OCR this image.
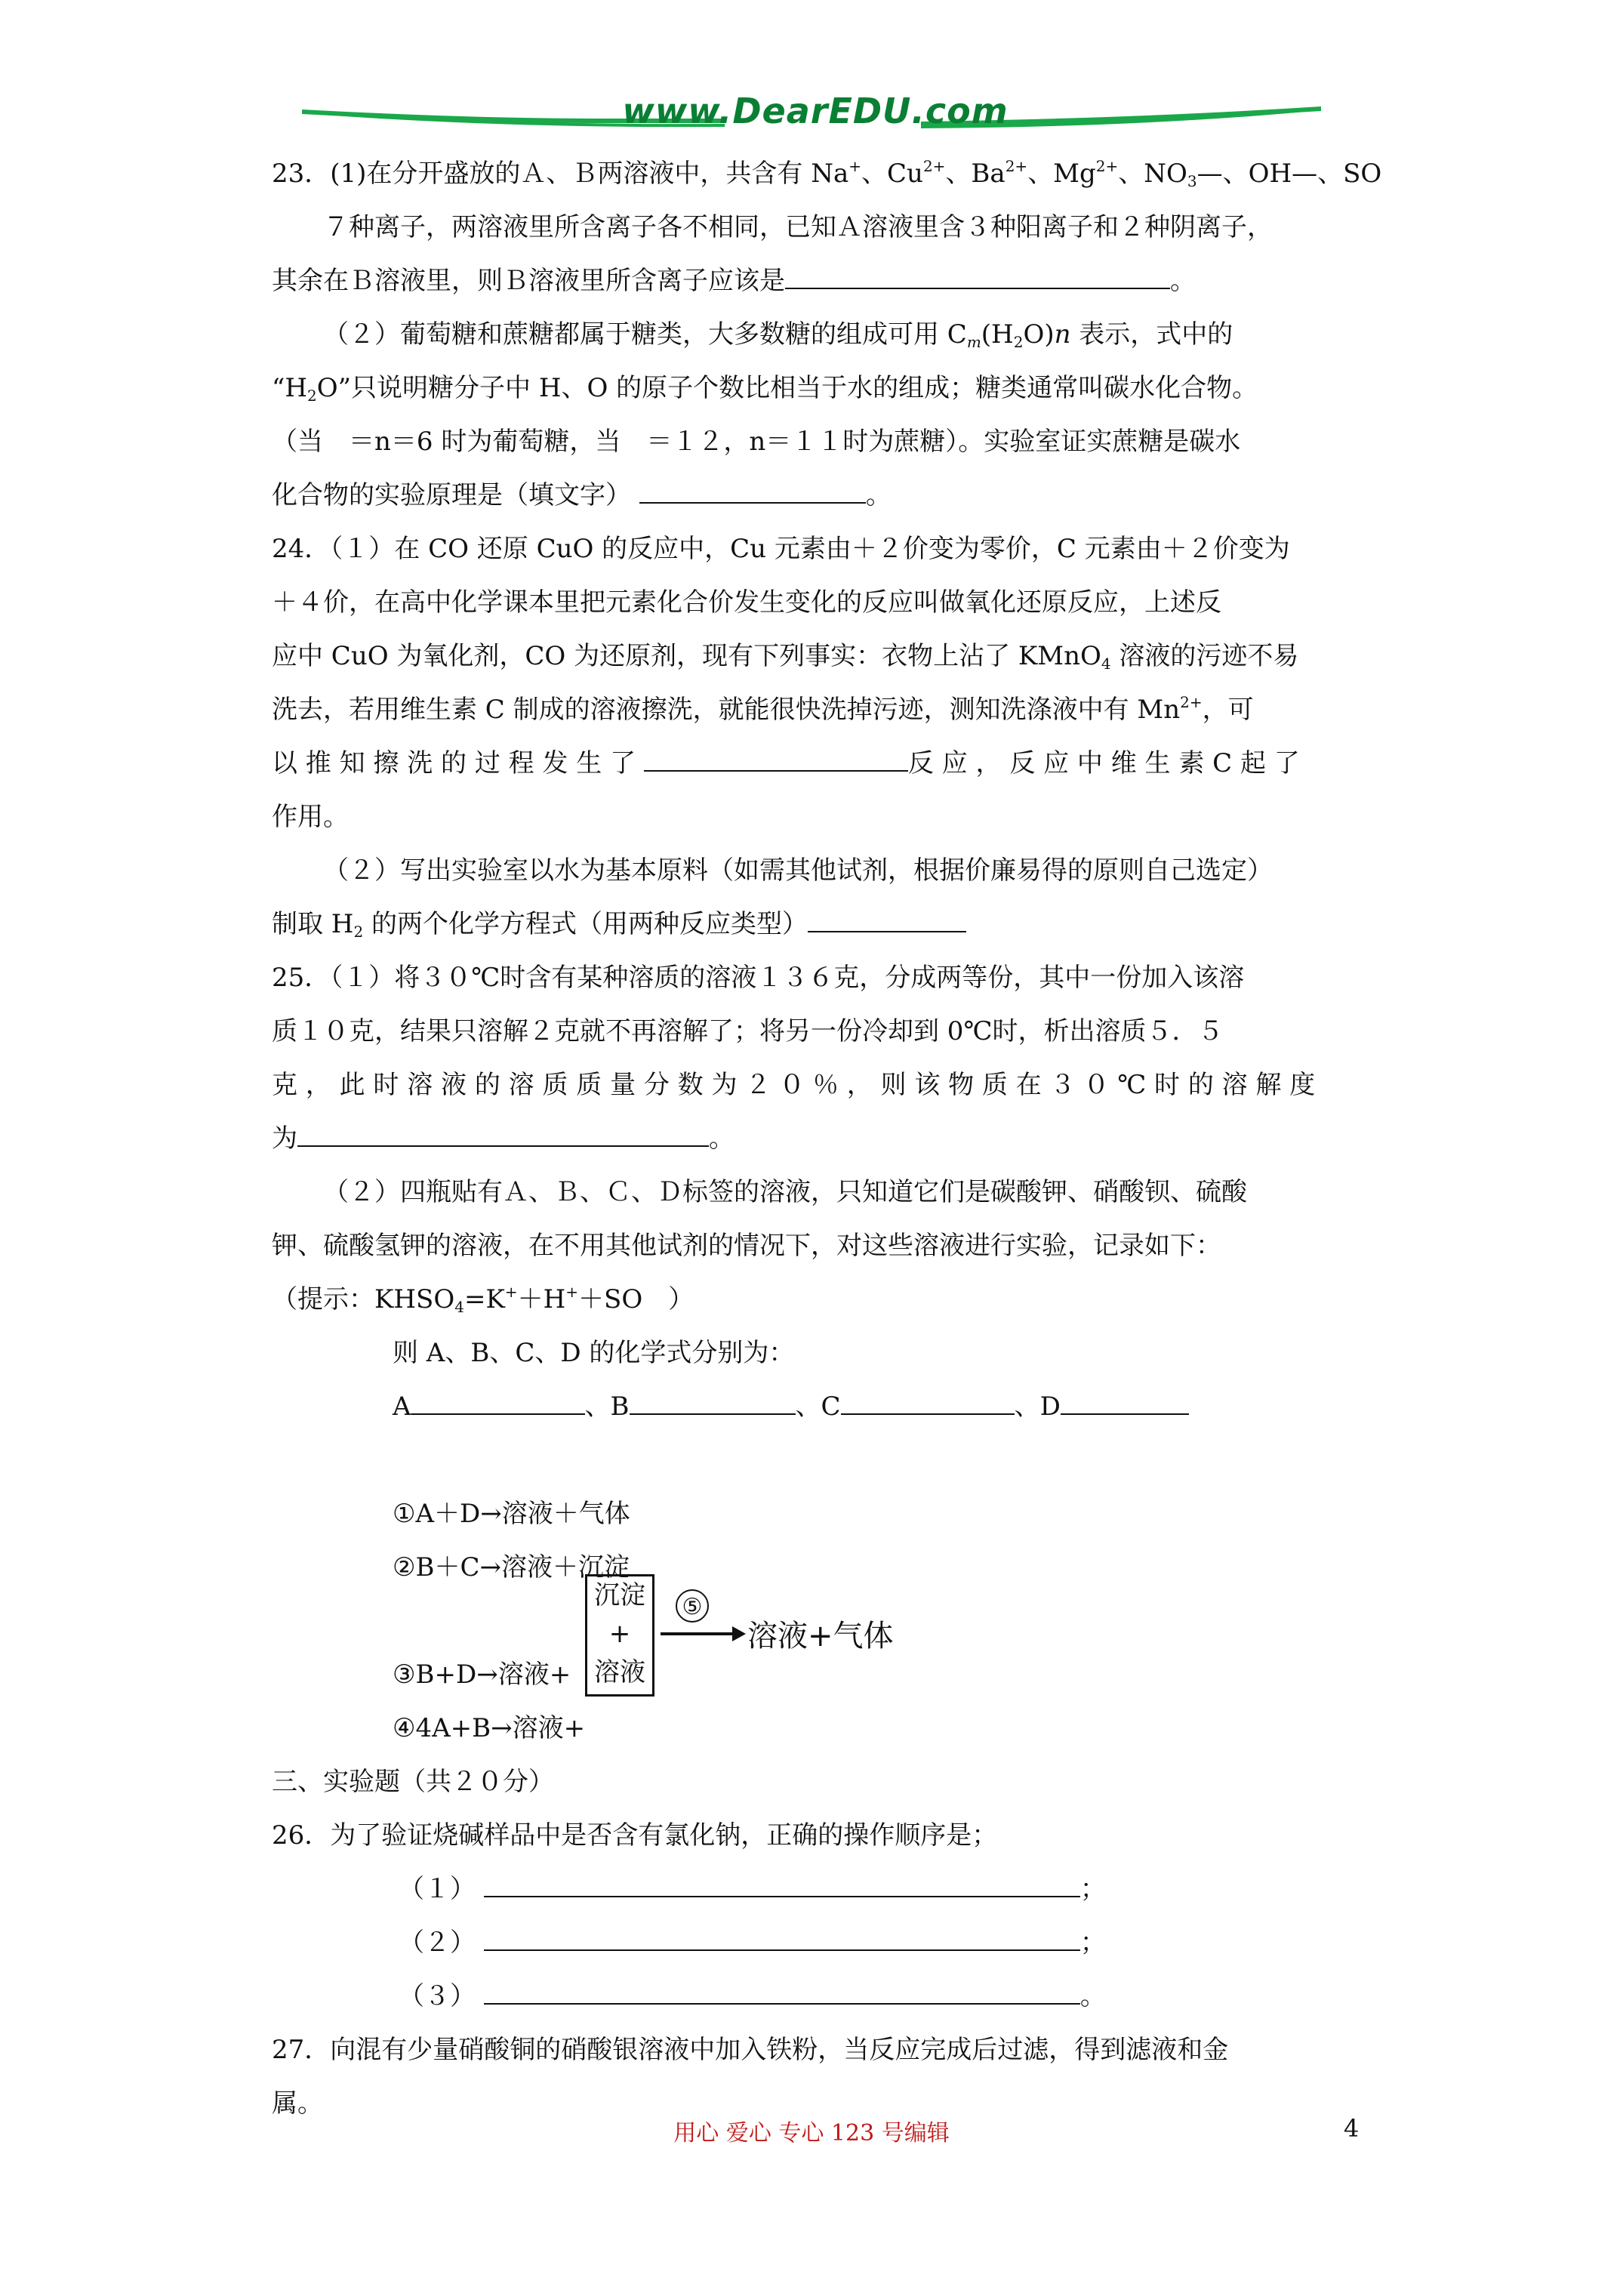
www.DearEDU.com
23．(1)在分开盛放的Ａ、Ｂ两溶液中，共含有 Na+、$Cu^{2+}$、$Ba^{2+}$、$Mg^{2+}$、$NO_3—$、OH—、SO
７种离子，两溶液里所含离子各不相同，已知Ａ溶液里含３种阳离子和２种阴离子，
其余在Ｂ溶液里，则Ｂ溶液里所含离子应该是	。
（２）葡萄糖和蔗糖都属于糖类，大多数糖的组成可用 $C_m(H_2O)n$ 表示，式中的
“$H_2O$”只说明糖分子中 H、O 的原子个数比相当于水的组成；糖类通常叫碳水化合物。
（当　＝n＝6 时为葡萄糖，当　＝１２，n＝１１时为蔗糖）。实验室证实蔗糖是碳水
化合物的实验原理是（填文字）	。
24．（１）在 CO 还原 CuO 的反应中，Cu 元素由＋２价变为零价，C 元素由＋２价变为
＋４价，在高中化学课本里把元素化合价发生变化的反应叫做氧化还原反应，上述反
应中 CuO 为氧化剂，CO 为还原剂，现有下列事实：衣物上沾了 KMnO$_4$ 溶液的污迹不易
洗去，若用维生素 C 制成的溶液擦洗，就能很快洗掉污迹，测知洗涤液中有 $Mn^{2+}$，可
以 推 知 擦 洗 的 过 程 发 生 了	反 应 ， 反 应 中 维 生 素 C 起 了
作用。
（２）写出实验室以水为基本原料（如需其他试剂，根据价廉易得的原则自己选定）
制取 $H_2$ 的两个化学方程式（用两种反应类型）
25．（１）将３０℃时含有某种溶质的溶液１３６克，分成两等份，其中一份加入该溶
质１０克，结果只溶解２克就不再溶解了；将另一份冷却到 0℃时，析出溶质５．５
克 ， 此 时 溶 液 的 溶 质 质 量 分 数 为 ２ ０ ％ ， 则 该 物 质 在 ３ ０ ℃ 时 的 溶 解 度
为	。
（２）四瓶贴有Ａ、Ｂ、Ｃ、Ｄ标签的溶液，只知道它们是碳酸钾、硝酸钡、硫酸
钾、硫酸氢钾的溶液，在不用其他试剂的情况下，对这些溶液进行实验，记录如下：
（提示：$KHSO_4=K^++H^++SO$　）
则 A、B、C、D 的化学式分别为：
A	、B	、C	、D
①A＋D→溶液＋气体
②B＋C→溶液＋沉淀
③B+D→溶液+
④4A+B→溶液+
三、实验题（共２０分）
26．为了验证烧碱样品中是否含有氯化钠，正确的操作顺序是；
（１）	；
（２）	；
（３）	。
27．向混有少量硝酸铜的硝酸银溶液中加入铁粉，当反应完成后过滤，得到滤液和金
属。
沉淀
+
溶液
⑤
溶液+气体
用心 爱心 专心 123 号编辑	4
